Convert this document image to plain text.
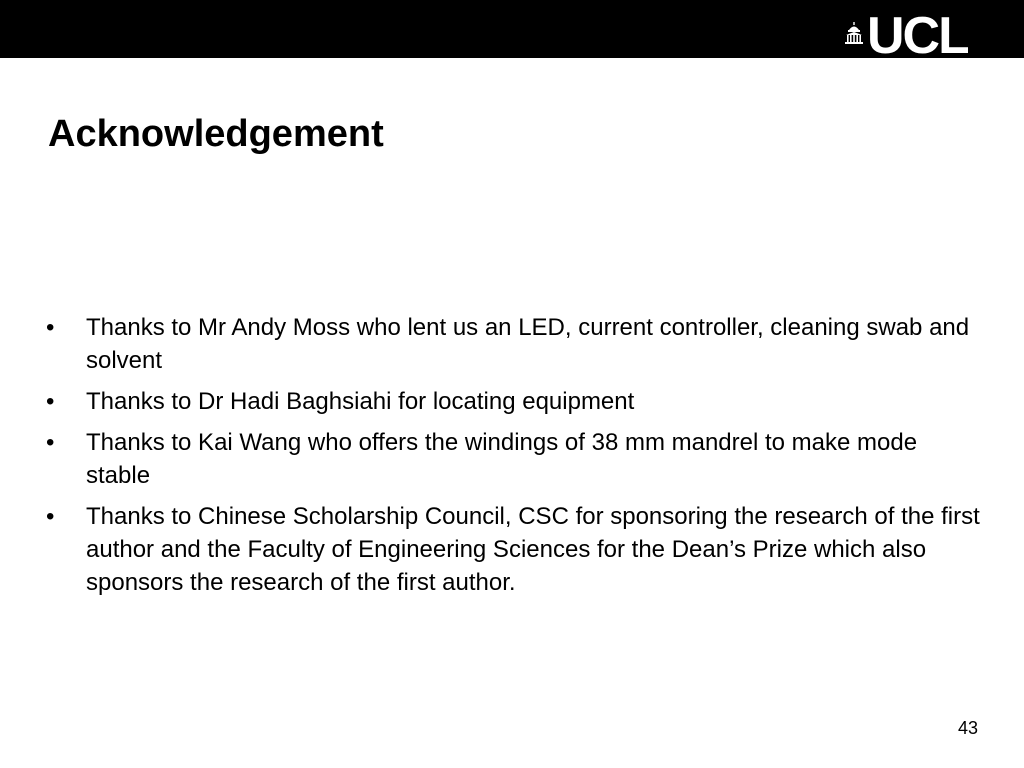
UCL
Acknowledgement
• Thanks to Mr Andy Moss who lent us an LED, current controller, cleaning swab and solvent
• Thanks to Dr Hadi Baghsiahi for locating equipment
• Thanks to Kai Wang who offers the windings of 38 mm mandrel to make mode stable
• Thanks to Chinese Scholarship Council, CSC for sponsoring the research of the first author and the Faculty of Engineering Sciences for the Dean’s Prize which also sponsors the research of the first author.
43
